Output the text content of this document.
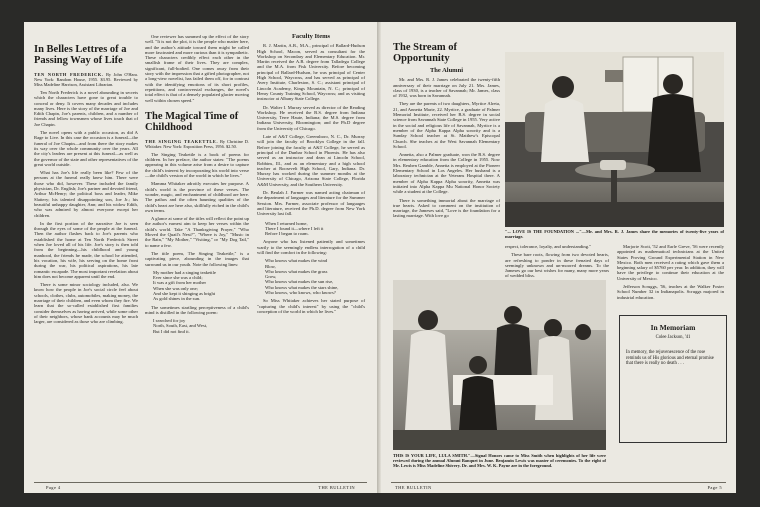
In Belles Lettres of a Passing Way of Life
TEN NORTH FREDERICK. By John O'Hara. New York: Random House, 1955. $3.95. Reviewed by Miss Madeline Harrison, Assistant Librarian.

Ten North Frederick is a novel abounding in secrets which the characters have gone to great trouble to conceal or deny. It covers many decades and includes many lives. Here is the story of the marriage of Joe and Edith Chapin, Joe's parents, children, and a number of friends and fellow townsmen whose lives touch that of Joe Chapin.

The novel opens with a public occasion, as did A Rage to Live. In this case the occasion is a funeral—the funeral of Joe Chapin—and from there the story makes its way over the whole community over the years. All the city's leaders are present at this funeral—as well as the governor of the state and other representatives of the great world outside.

What has Joe's life really been like? Few of the persons at the funeral really knew him. There were those who did, however. These included the family physician, Dr. English; Joe's partner and devoted friend, Arthur McHenry; the political boss and leader, Mike Slattery; his talented disappointing son, Joe Jr.; his beautiful unhappy daughter, Ann; and his widow Edith, who was admired by almost everyone except her children.

In the first portion of the narrative Joe is seen through the eyes of some of the people at the funeral. Then the author flashes back to Joe's parents who established the home at Ten North Frederick Street when Joe loved all of his life. Joe's story is then told from the beginning—his childhood and young manhood, the friends he made, the school he attended, his vocation, his wife, his serving on the home front during the war, his political aspirations, his late romantic escapade. The most important revelation about him does not become apparent until the end.

There is some minor sociology included, also. We know how the people in Joe's social circle feel about schools, clothes, clubs, automobiles, making money, the marriage of their children, and even whom they fire. We learn that the so-called established first families consider themselves as having arrived, while some other of their neighbors, whose bank accounts may be much larger, are considered as those who are climbing.

One reviewer has summed up the effect of the story well. "It is not the plot, it is the people who matter here, and the author's attitude toward them might be called more fascinated and more curious than it is sympathetic. These characters credibly effect each other in the smallish frame of their lives. They are complex, significant, full-bodied. One comes away from their story with the impression that a gifted photographer, not a long-view novelist, has failed them off, for in contrast with the identifying emotions of its short profiles, repetitions, and controversial exchanges, the novel's total effect is that of a densely populated glacier moving well within chosen speed."

The Magical Time of Childhood
THE SINGING TEAKETTLE. By Christine D. Whitaker. New York: Exposition Press, 1956. $2.50.

The Singing Teakettle is a book of poems for children. In her preface, the author states: "The poems appearing in this volume arise from a desire to capture the child's interest by incorporating his world into verse—the child's version of the world in which he lives."

Mamma Whitaker adroitly executes her purpose. A child's world is the province of these verses. The wonder, magic, and enchantment of childhood are here. The pathos and the often haunting qualities of the child's heart are here also, skillfully etched in the child's own terms.

A glance at some of the titles will reflect the point up the author's earnest aim to keep her verses within the child's world. Take "A Thanksgiving Prayer," "Who Moved the Quail's Nest?", "Where is Joy," "Music in the Rain," "My Mother," "Visiting," or "My Dog Tail," to name a few.

The title poem, The Singing Teakettle," is a captivating piece, abounding in the images that surround us in our youth. Note the following lines:

My mother had a singing teakettle
Ever since she was a child;
It was a gift from her mother
When she was only one;
And she kept it shinging as bright
As gold shines in the sun.

The sometimes startling perceptiveness of a child's mind is distilled in the following poem:

I searched for joy
North, South, East, and West,
But I did not find it.
Faculty Items

R. J. Martin, A.B., M.A., principal of Ballard-Hudson High School, Macon, served as consultant for the Workshop on Secondary and Elementary Education. Mr. Martin received the A.B. degree from Talladega College and the M.A. from Fisk University. Before becoming principal of Ballard-Hudson, he was principal of Center High School, Waycross, and has served as principal of Avery Institute, Charleston, S. C.; assistant principal of Lincoln Academy, Kings Mountain, N. C.; principal of Henry County Training School, Waycross; and as visiting instructor at Albany State College.

Dr. Walter I. Murray served as director of the Reading Workshop. He received the B.S. degree from Indiana University, Terre Haute, Indiana; the M.S. degree from Indiana University, Bloomington; and the Ph.D degree from the University of Chicago.

Late of A&T College, Greensboro, N. C., Dr. Murray will join the faculty of Brooklyn College in the fall. Before joining the faculty at A&T College, he served as principal of the Dunbar School in Phoenix. He has also served as an instructor and dean at Lincoln School, Robbins, Ill., and as an elementary and a high school teacher at Roosevelt High School, Gary, Indiana. Dr. Murray has worked during the summer months at the University of Chicago, Arizona State College, Florida A&M University, and the Southern University.

Dr. Beulah J. Farmer was named acting chairman of the department of languages and literature for the Summer Session. Mrs. Farmer, associate professor of languages and literature, received the Ph.D. degree from New York University last fall.

When I returned home,
There I found it—where I left it
Before I began to roam.

Anyone who has listened patiently and sometimes warily to the seemingly endless interrogation of a child will find the comfort in the following:

Who knows what makes the wind
Blow,
Who knows what makes the grass
Grow,
Who knows what makes the sun rise,
Who knows what makes the stars shine,
Who knows, who knows, who knows?

So Miss Whitaker achieves her stated purpose of "capturing the child's interest" by using the "child's conception of the world in which he lives."

Page 4	THE BULLETIN
The Stream of Opportunity
The Alumni

Mr. and Mrs. R. J. James celebrated the twenty-fifth anniversary of their marriage on July 21. Mrs. James, class of 1930, is a teacher of Savannah; Mr. James, class of 1932, was born in Savannah.

They are the parents of two daughters, Myrtice Alreta, 21, and Annetta Marie, 22. Myrtice, a graduate of Palmer Memorial Institute, received her B.S. degree in social science from Savannah State College in 1955. Very active in the social and religious life of Savannah, Myrtice is a member of the Alpha Kappa Alpha sorority and is a Sunday School teacher at St. Matthew's Episcopal Church. She teaches at the West Savannah Elementary School.

Annetta, also a Palmer graduate, won the B.S. degree in elementary education from the College in 1955. Now Mrs. Reuben Gamble, Annetta is employed at the Pioneer Elementary School in Los Angeles. Her husband is a laboratory technician at the Veterans Hospital there. A member of Alpha Kappa Alpha sorority, Annetta was initiated into Alpha Kappa Mu National Honor Society while a student at the College.

There is something immortal about the marriage of true hearts. Asked to comment on the institution of marriage, the Jameses said, "Love is the foundation for a lasting marriage. With love go

"... LOVE IS THE FOUNDATION ..."—Mr. and Mrs. R. J. James share the memories of twenty-five years of marriage.

respect, tolerance, loyalty, and understanding."

These bare roots, flowing from two devoted hearts, are refreshing to ponder in these frenzied days of seemingly unknown and un-moored dreams. To the Jameses go our best wishes for many, many more years of wedded bliss.

Marjorie Scott, '52 and Earle Greve, '56 were recently appointed as mathematical technicians at the United States Proving Ground Experimental Station in New Mexico. Both men received a rating which gave them a beginning salary of $5760 per year. In addition, they will have the privilege to continue their education at the University of Mexico.

Jefferson Scruggs, '56, teaches at the Walker Foster School Number 32 in Indianapolis. Scruggs majored in industrial education.

THIS IS YOUR LIFE, LULA SMITH."—Signal Honors came to Miss Smith when highlights of her life were reviewed during the annual Alumni Banquet in June. Benjamin Lewis was master of ceremonies. To the right of Mr. Lewis is Miss Madeline Shivery. Dr. and Mrs. W. K. Payne are in the foreground.
In Memoriam
Colee Jackson, '41
In memory, the rejuvenescence of the rose reminds us of His glorious and eternal promise that there is really no death . . .
THE BULLETIN	Page 5
